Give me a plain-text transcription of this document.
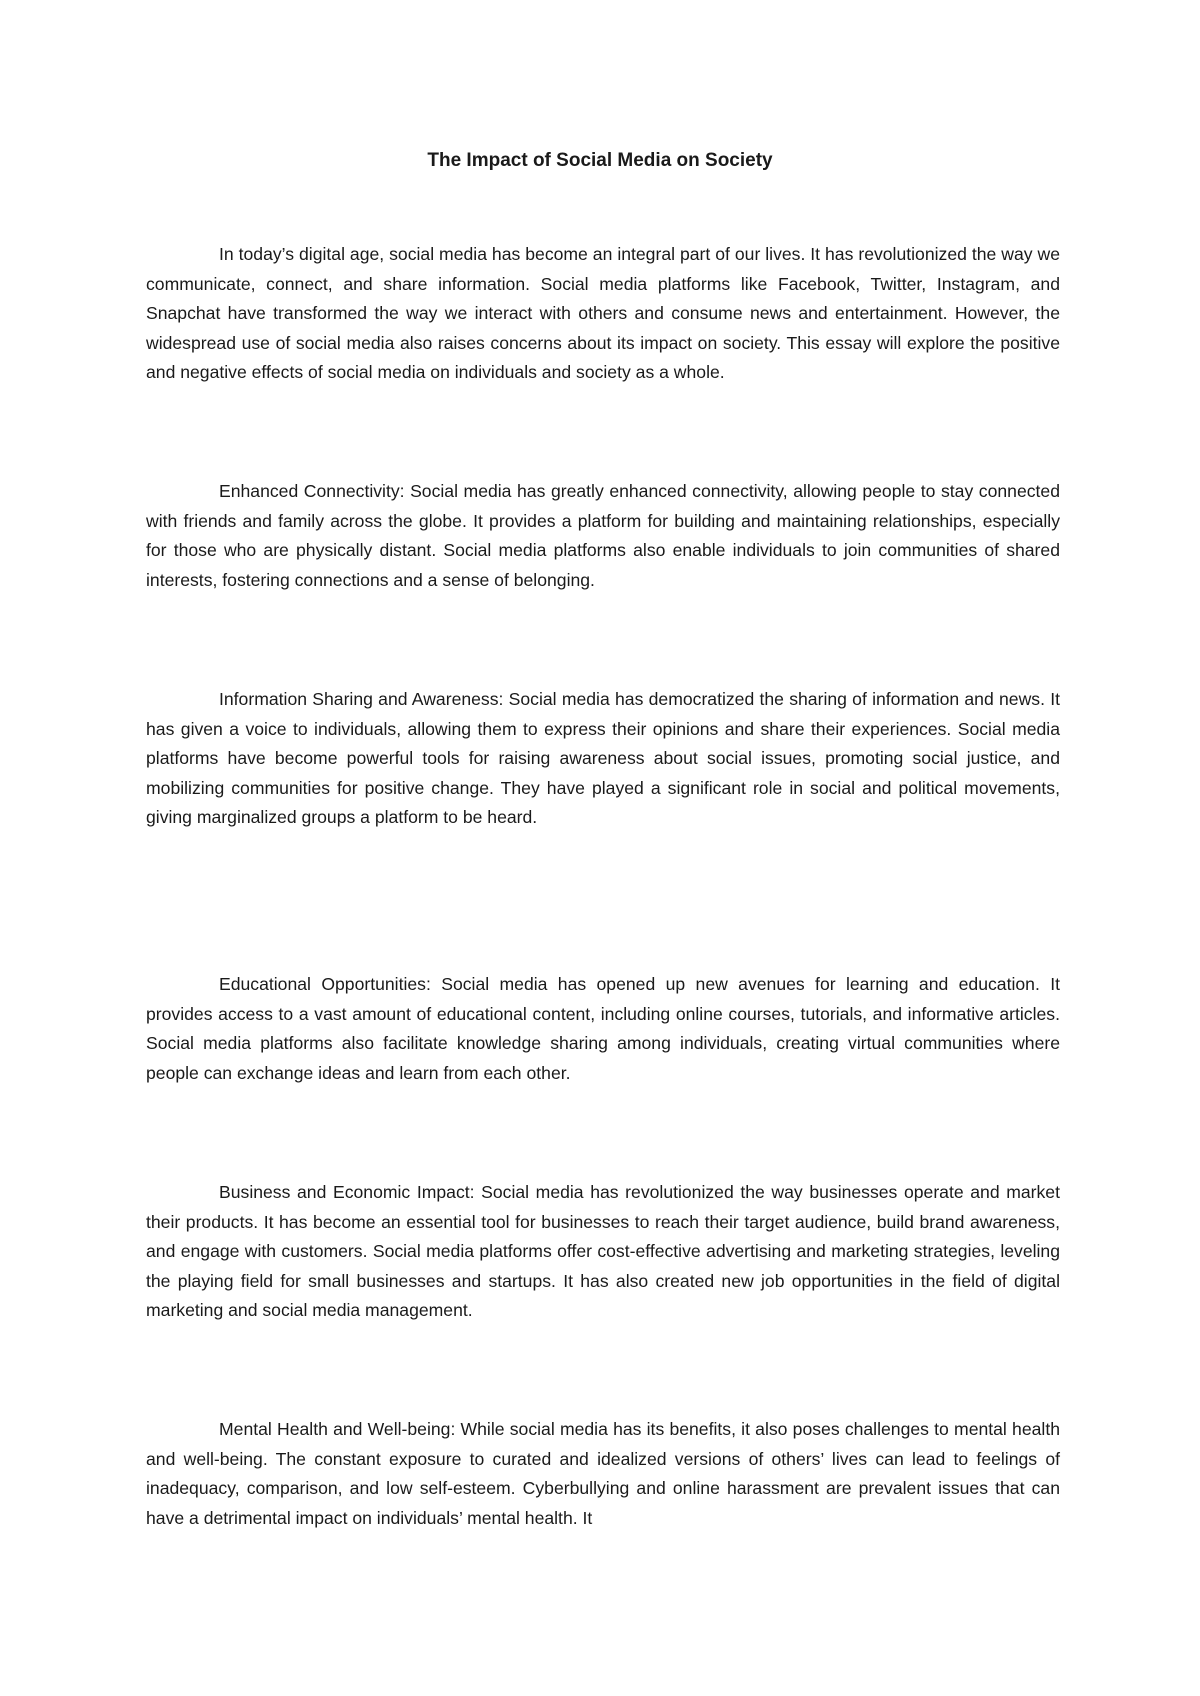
The Impact of Social Media on Society

In today’s digital age, social media has become an integral part of our lives. It has revolutionized the way we communicate, connect, and share information. Social media platforms like Facebook, Twitter, Instagram, and Snapchat have transformed the way we interact with others and consume news and entertainment. However, the widespread use of social media also raises concerns about its impact on society. This essay will explore the positive and negative effects of social media on individuals and society as a whole.

Enhanced Connectivity: Social media has greatly enhanced connectivity, allowing people to stay connected with friends and family across the globe. It provides a platform for building and maintaining relationships, especially for those who are physically distant. Social media platforms also enable individuals to join communities of shared interests, fostering connections and a sense of belonging.

Information Sharing and Awareness: Social media has democratized the sharing of information and news. It has given a voice to individuals, allowing them to express their opinions and share their experiences. Social media platforms have become powerful tools for raising awareness about social issues, promoting social justice, and mobilizing communities for positive change. They have played a significant role in social and political movements, giving marginalized groups a platform to be heard.

Educational Opportunities: Social media has opened up new avenues for learning and education. It provides access to a vast amount of educational content, including online courses, tutorials, and informative articles. Social media platforms also facilitate knowledge sharing among individuals, creating virtual communities where people can exchange ideas and learn from each other.

Business and Economic Impact: Social media has revolutionized the way businesses operate and market their products. It has become an essential tool for businesses to reach their target audience, build brand awareness, and engage with customers. Social media platforms offer cost-effective advertising and marketing strategies, leveling the playing field for small businesses and startups. It has also created new job opportunities in the field of digital marketing and social media management.

Mental Health and Well-being: While social media has its benefits, it also poses challenges to mental health and well-being. The constant exposure to curated and idealized versions of others’ lives can lead to feelings of inadequacy, comparison, and low self-esteem. Cyberbullying and online harassment are prevalent issues that can have a detrimental impact on individuals’ mental health. It
